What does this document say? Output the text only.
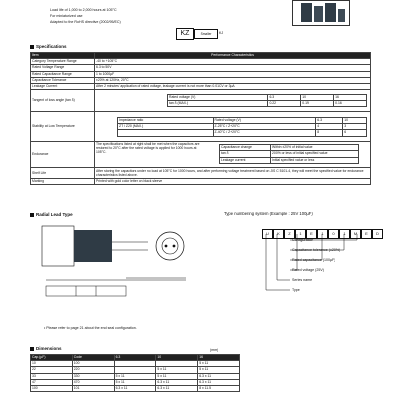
Load life of 1,000 to 2,000 hours at 105°C
For miniaturized use
Adapted to the RoHS directive (2002/95/EC)
KZ	Smaller	KJ
Specifications
Item	Performance Characteristics
Category Temperature Range	-40 to +105°C
Rated Voltage Range	6.3 to 50V
Rated Capacitance Range	1 to 1000µF
Capacitance Tolerance	±20% at 120Hz, 20°C
Leakage Current	After 2 minutes' application of rated voltage, leakage current is not more than 0.01CV or 3µA
Tangent of loss angle (tan δ)	
Rated voltage (V)	6.3	10	16
tan δ (MAX.)	0.22	0.19	0.16

Stability at Low Temperature	
Impedance ratio	Rated voltage (V)	6.3	10
ZT / Z20 (MAX.)	Z-25°C / Z+20°C	4	3
	Z-40°C / Z+20°C	8	6

Endurance	
The specifications listed at right shall be met when the capacitors are restored to 20°C after the rated voltage is applied for 1000 hours at 105°C.
Capacitance change	Within ±20% of initial value
tan δ	200% or less of initial specified value
Leakage current	Initial specified value or less

Shelf Life	After storing the capacitors under no load at 105°C for 1000 hours, and after performing voltage treatment based on JIS C 5101-4, they will meet the specified value for endurance characteristics listed above.
Marking	Printed with gold color letter on black sleeve
Radial Lead Type
• Please refer to page 21 about the end seal configuration.
Type numbering system (Example : 25V 100µF)
U K Z 1 E 1 0 1 M E D
Configuration
Capacitance tolerance (±20%)
Rated capacitance (100µF)
Rated voltage (25V)
Series name
Type
Dimensions	(mm)
Cap.(µF)	Code	6.3	10	16
10	100			5 x 11
22	220		5 x 11	5 x 11
33	330	5 x 11	5 x 11	6.3 x 11
47	470	5 x 11	6.3 x 11	6.3 x 11
100	101	6.3 x 11	6.3 x 11	8 x 11.5
